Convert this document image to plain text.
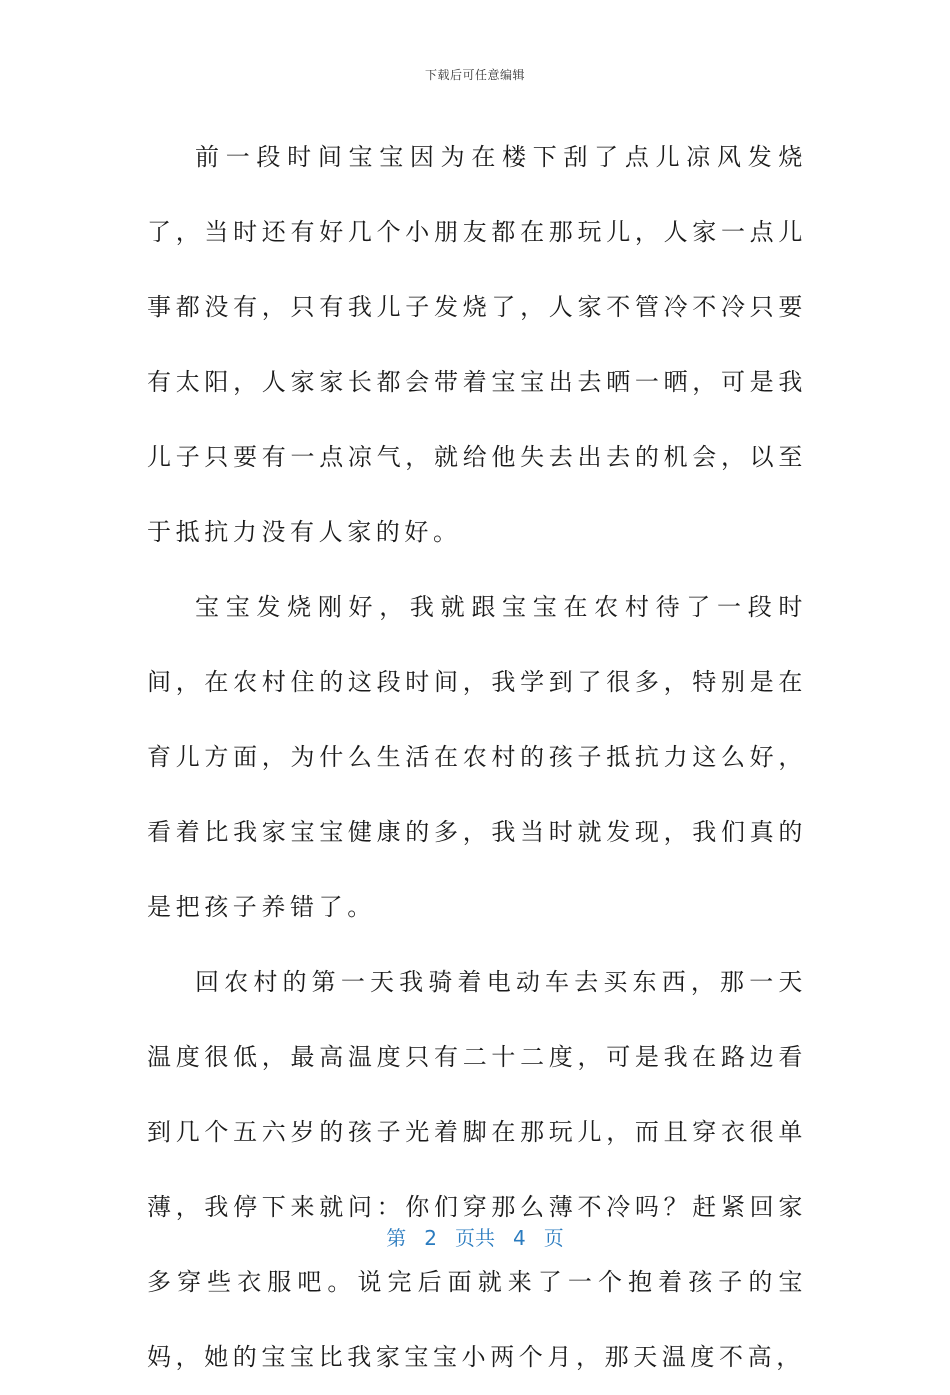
下载后可任意编辑

前一段时间宝宝因为在楼下刮了点儿凉风发烧了，当时还有好几个小朋友都在那玩儿，人家一点儿事都没有，只有我儿子发烧了，人家不管冷不冷只要有太阳，人家家长都会带着宝宝出去晒一晒，可是我儿子只要有一点凉气，就给他失去出去的机会，以至于抵抗力没有人家的好。

宝宝发烧刚好，我就跟宝宝在农村待了一段时间，在农村住的这段时间，我学到了很多，特别是在育儿方面，为什么生活在农村的孩子抵抗力这么好，看着比我家宝宝健康的多，我当时就发现，我们真的是把孩子养错了。

回农村的第一天我骑着电动车去买东西，那一天温度很低，最高温度只有二十二度，可是我在路边看到几个五六岁的孩子光着脚在那玩儿，而且穿衣很单薄，我停下来就问：你们穿那么薄不冷吗？赶紧回家多穿些衣服吧。说完后面就来了一个抱着孩子的宝妈，她的宝宝比我家宝宝小两个月，那天温度不高，

第 2 页共 4 页
